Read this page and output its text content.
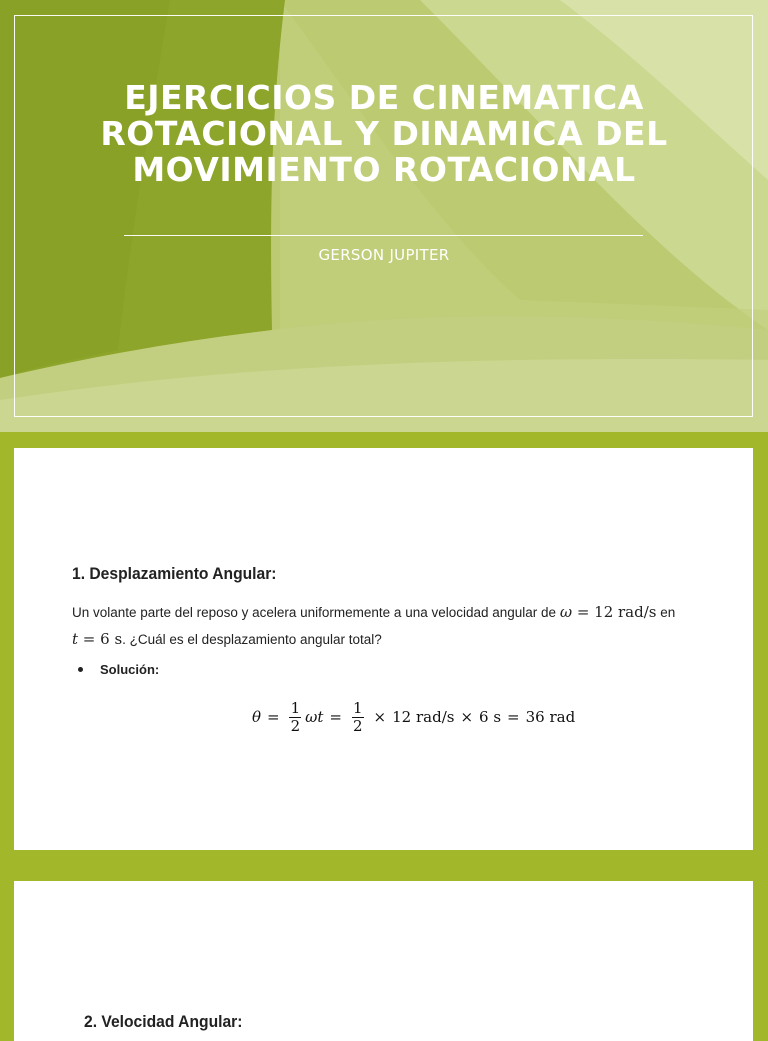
EJERCICIOS DE CINEMATICA ROTACIONAL Y DINAMICA DEL MOVIMIENTO ROTACIONAL
GERSON JUPITER
1. Desplazamiento Angular:

Un volante parte del reposo y acelera uniformemente a una velocidad angular de ω = 12 rad/s en
t = 6 s. ¿Cuál es el desplazamiento angular total?

Solución:
$\theta = \frac{1}{2}$ $\omega t = \frac{1}{2} \times 12$ rad/s × 6 s = 36 rad
2. Velocidad Angular:
